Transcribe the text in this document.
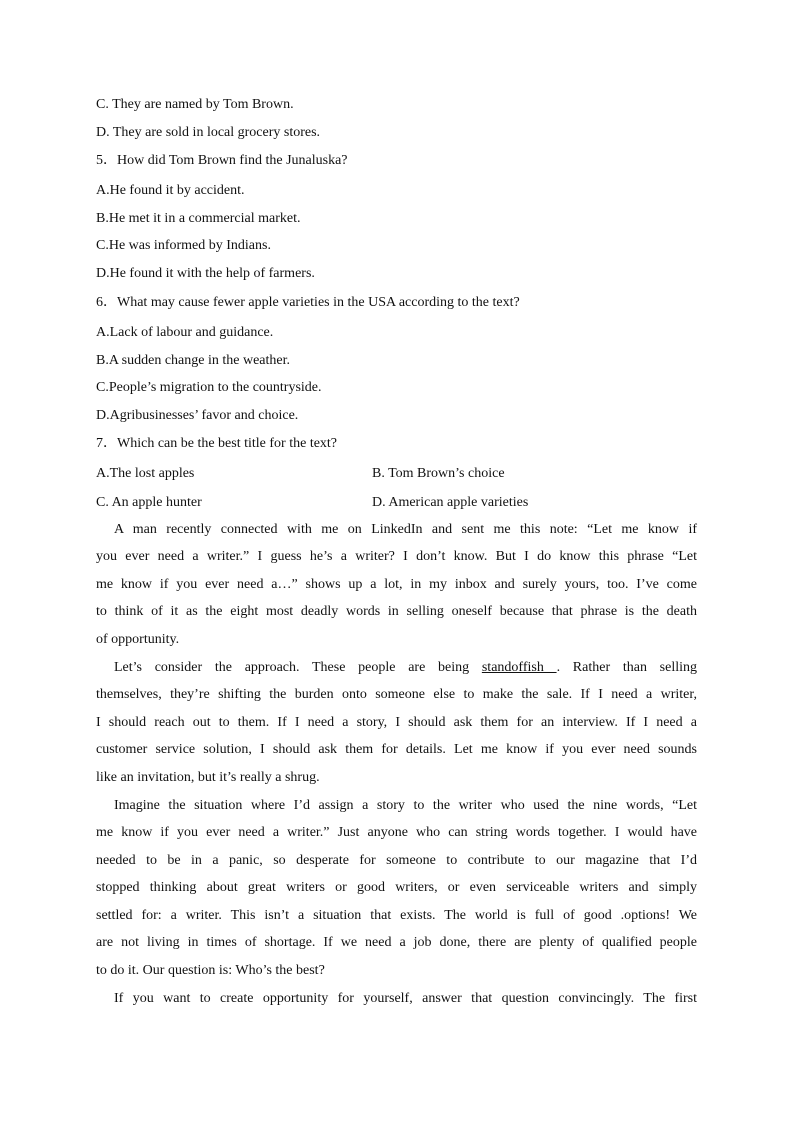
C. They are named by Tom Brown.
D. They are sold in local grocery stores.
5．How did Tom Brown find the Junaluska?
A.He found it by accident.
B.He met it in a commercial market.
C.He was informed by Indians.
D.He found it with the help of farmers.
6．What may cause fewer apple varieties in the USA according to the text?
A.Lack of labour and guidance.
B.A sudden change in the weather.
C.People’s migration to the countryside.
D.Agribusinesses’ favor and choice.
7．Which can be the best title for the text?
A.The lost apples	B. Tom Brown’s choice
C. An apple hunter	D. American apple varieties
A man recently connected with me on LinkedIn and sent me this note: “Let me know if
you ever need a writer.” I guess he’s a writer? I don’t know. But I do know this phrase “Let
me know if you ever need a…” shows up a lot, in my inbox and surely yours, too. I’ve come
to think of it as the eight most deadly words in selling oneself because that phrase is the death
of opportunity.
Let’s consider the approach. These people are being standoffish . Rather than selling
themselves, they’re shifting the burden onto someone else to make the sale. If I need a writer,
I should reach out to them. If I need a story, I should ask them for an interview. If I need a
customer service solution, I should ask them for details. Let me know if you ever need sounds
like an invitation, but it’s really a shrug.
Imagine the situation where I’d assign a story to the writer who used the nine words, “Let
me know if you ever need a writer.” Just anyone who can string words together. I would have
needed to be in a panic, so desperate for someone to contribute to our magazine that I’d
stopped thinking about great writers or good writers, or even serviceable writers and simply
settled for: a writer. This isn’t a situation that exists. The world is full of good .options! We
are not living in times of shortage. If we need a job done, there are plenty of qualified people
to do it. Our question is: Who’s the best?
If you want to create opportunity for yourself, answer that question convincingly. The first
